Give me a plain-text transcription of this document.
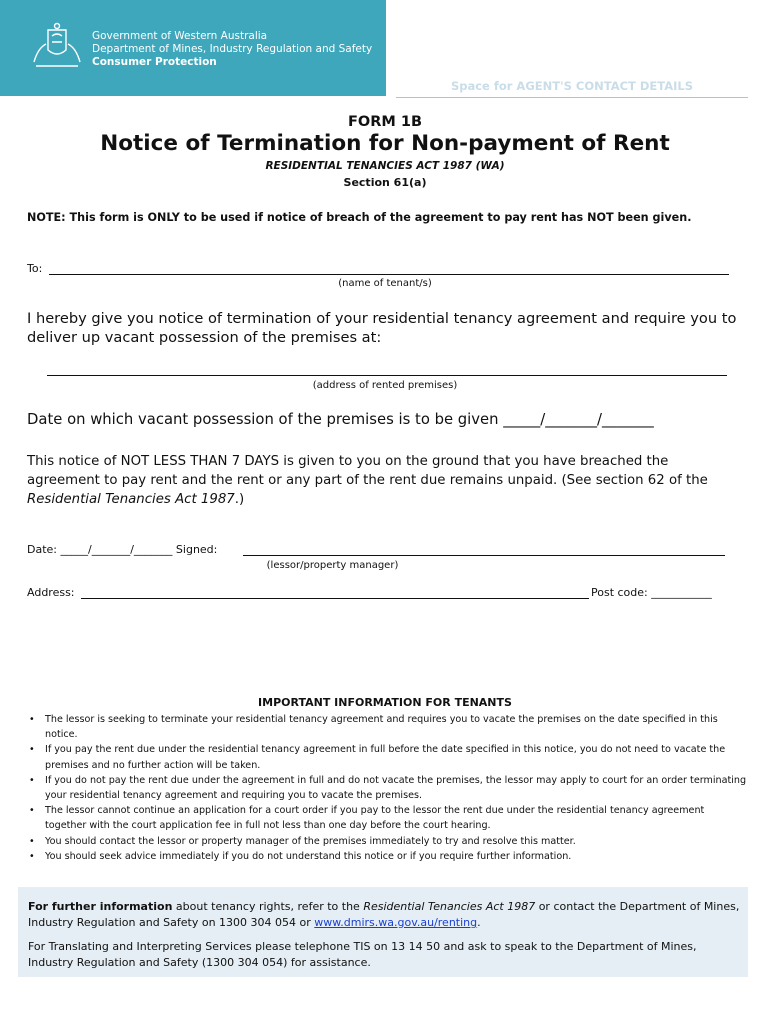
Government of Western Australia
Department of Mines, Industry Regulation and Safety
Consumer Protection
Space for AGENT'S CONTACT DETAILS
FORM 1B
Notice of Termination for Non-payment of Rent
RESIDENTIAL TENANCIES ACT 1987 (WA)
Section 61(a)
NOTE: This form is ONLY to be used if notice of breach of the agreement to pay rent has NOT been given.
To:
(name of tenant/s)
I hereby give you notice of termination of your residential tenancy agreement and require you to deliver up vacant possession of the premises at:
(address of rented premises)
Date on which vacant possession of the premises is to be given _____/_______/_______
This notice of NOT LESS THAN 7 DAYS is given to you on the ground that you have breached the agreement to pay rent and the rent or any part of the rent due remains unpaid. (See section 62 of the Residential Tenancies Act 1987.)
Date: _____/_______/_______ Signed:
(lessor/property manager)
Address:	Post code: ___________
IMPORTANT INFORMATION FOR TENANTS
• The lessor is seeking to terminate your residential tenancy agreement and requires you to vacate the premises on the date specified in this notice.
• If you pay the rent due under the residential tenancy agreement in full before the date specified in this notice, you do not need to vacate the premises and no further action will be taken.
• If you do not pay the rent due under the agreement in full and do not vacate the premises, the lessor may apply to court for an order terminating your residential tenancy agreement and requiring you to vacate the premises.
• The lessor cannot continue an application for a court order if you pay to the lessor the rent due under the residential tenancy agreement together with the court application fee in full not less than one day before the court hearing.
• You should contact the lessor or property manager of the premises immediately to try and resolve this matter.
• You should seek advice immediately if you do not understand this notice or if you require further information.
For further information about tenancy rights, refer to the Residential Tenancies Act 1987 or contact the Department of Mines, Industry Regulation and Safety on 1300 304 054 or www.dmirs.wa.gov.au/renting.
For Translating and Interpreting Services please telephone TIS on 13 14 50 and ask to speak to the Department of Mines, Industry Regulation and Safety (1300 304 054) for assistance.
